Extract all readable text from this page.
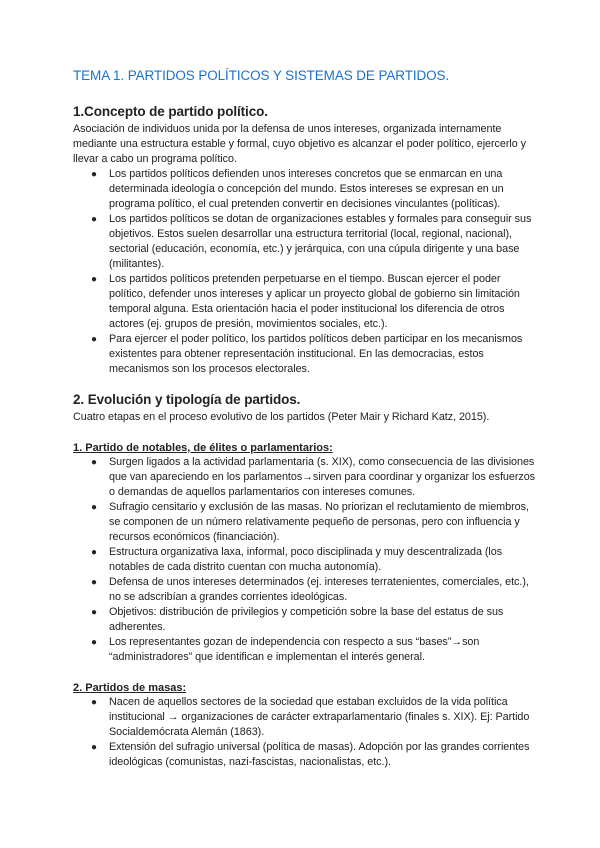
TEMA 1. PARTIDOS POLÍTICOS Y SISTEMAS DE PARTIDOS.
1.Concepto de partido político.

Asociación de individuos unida por la defensa de unos intereses, organizada internamente mediante una estructura estable y formal, cuyo objetivo es alcanzar el poder político, ejercerlo y llevar a cabo un programa político.

● Los partidos políticos defienden unos intereses concretos que se enmarcan en una determinada ideología o concepción del mundo. Estos intereses se expresan en un programa político, el cual pretenden convertir en decisiones vinculantes (políticas).
● Los partidos políticos se dotan de organizaciones estables y formales para conseguir sus objetivos. Estos suelen desarrollar una estructura territorial (local, regional, nacional), sectorial (educación, economía, etc.) y jerárquica, con una cúpula dirigente y una base (militantes).
● Los partidos políticos pretenden perpetuarse en el tiempo. Buscan ejercer el poder político, defender unos intereses y aplicar un proyecto global de gobierno sin limitación temporal alguna. Esta orientación hacia el poder institucional los diferencia de otros actores (ej. grupos de presión, movimientos sociales, etc.).
● Para ejercer el poder político, los partidos políticos deben participar en los mecanismos existentes para obtener representación institucional. En las democracias, estos mecanismos son los procesos electorales.
2. Evolución y tipología de partidos.

Cuatro etapas en el proceso evolutivo de los partidos (Peter Mair y Richard Katz, 2015).

1. Partido de notables, de élites o parlamentarios:
● Surgen ligados a la actividad parlamentaria (s. XIX), como consecuencia de las divisiones que van apareciendo en los parlamentos→sirven para coordinar y organizar los esfuerzos o demandas de aquellos parlamentarios con intereses comunes.
● Sufragio censitario y exclusión de las masas. No priorizan el reclutamiento de miembros, se componen de un número relativamente pequeño de personas, pero con influencia y recursos económicos (financiación).
● Estructura organizativa laxa, informal, poco disciplinada y muy descentralizada (los notables de cada distrito cuentan con mucha autonomía).
● Defensa de unos intereses determinados (ej. intereses terratenientes, comerciales, etc.), no se adscribían a grandes corrientes ideológicas.
● Objetivos: distribución de privilegios y competición sobre la base del estatus de sus adherentes.
● Los representantes gozan de independencia con respecto a sus “bases”→son “administradores” que identifican e implementan el interés general.
2. Partidos de masas:
● Nacen de aquellos sectores de la sociedad que estaban excluidos de la vida política institucional → organizaciones de carácter extraparlamentario (finales s. XIX). Ej: Partido Socialdemócrata Alemán (1863).
● Extensión del sufragio universal (política de masas). Adopción por las grandes corrientes ideológicas (comunistas, nazi-fascistas, nacionalistas, etc.).
